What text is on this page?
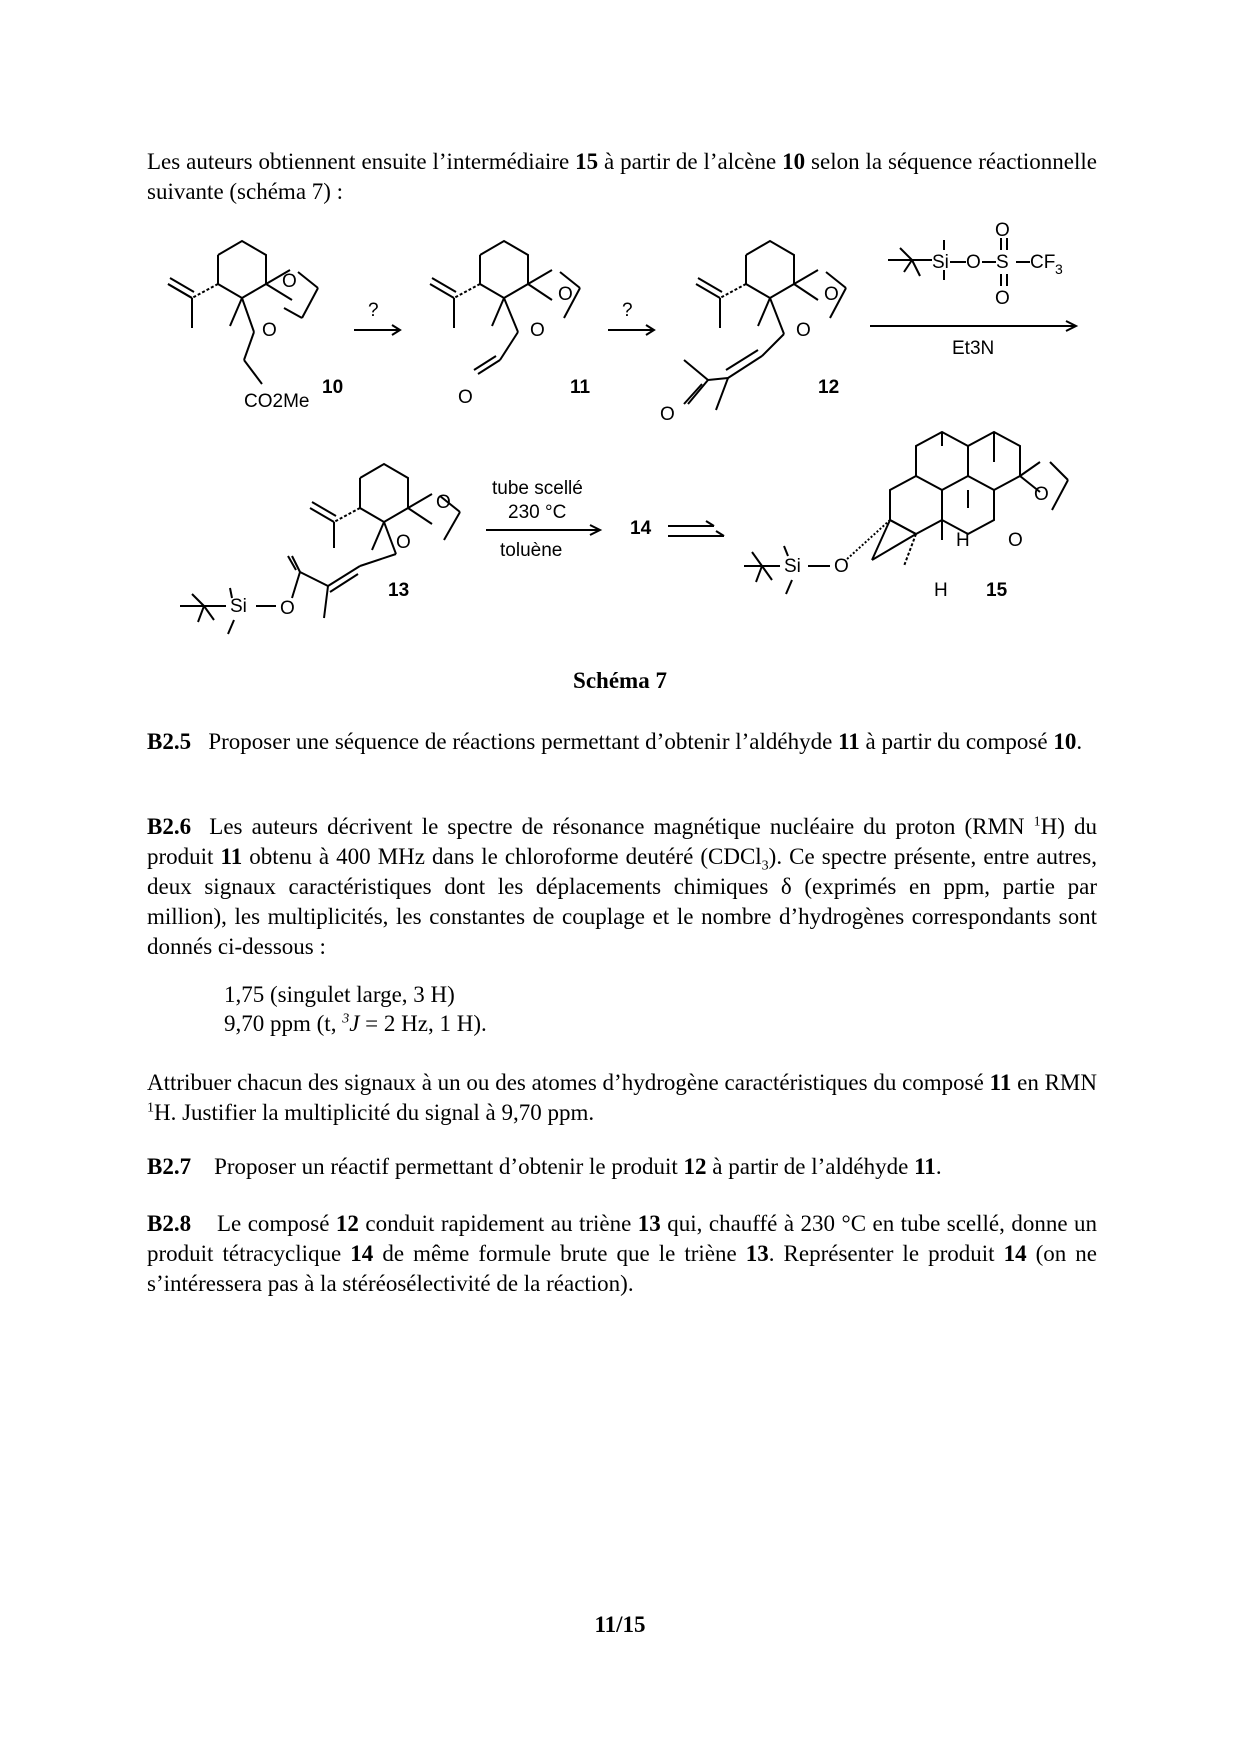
Les auteurs obtiennent ensuite l’intermédiaire 15 à partir de l’alcène 10 selon la séquence réactionnelle suivante (schéma 7) :

O
O
CO2Me
10
?
O
O
O	11
?
O
O
O
12
Si O S
O
O
CF 3
Et3N
O
Si
O
O
13
tube scellé
230 °C
toluène
14
O
O
H
H
O
Si
15
Schéma 7

B2.5 Proposer une séquence de réactions permettant d’obtenir l’aldéhyde 11 à partir du composé 10.

B2.6 Les auteurs décrivent le spectre de résonance magnétique nucléaire du proton (RMN $^1$H) du produit 11 obtenu à 400 MHz dans le chloroforme deutéré (CDCl$_3$). Ce spectre présente, entre autres, deux signaux caractéristiques dont les déplacements chimiques δ (exprimés en ppm, partie par million), les multiplicités, les constantes de couplage et le nombre d’hydrogènes correspondants sont donnés ci-dessous :

1,75 (singulet large, 3 H)
9,70 ppm (t, $^3$J = 2 Hz, 1 H).

Attribuer chacun des signaux à un ou des atomes d’hydrogène caractéristiques du composé 11 en RMN $^1$H. Justifier la multiplicité du signal à 9,70 ppm.

B2.7 Proposer un réactif permettant d’obtenir le produit 12 à partir de l’aldéhyde 11.

B2.8 Le composé 12 conduit rapidement au triène 13 qui, chauffé à 230 °C en tube scellé, donne un produit tétracyclique 14 de même formule brute que le triène 13. Représenter le produit 14 (on ne s’intéressera pas à la stéréosélectivité de la réaction).

11/15
